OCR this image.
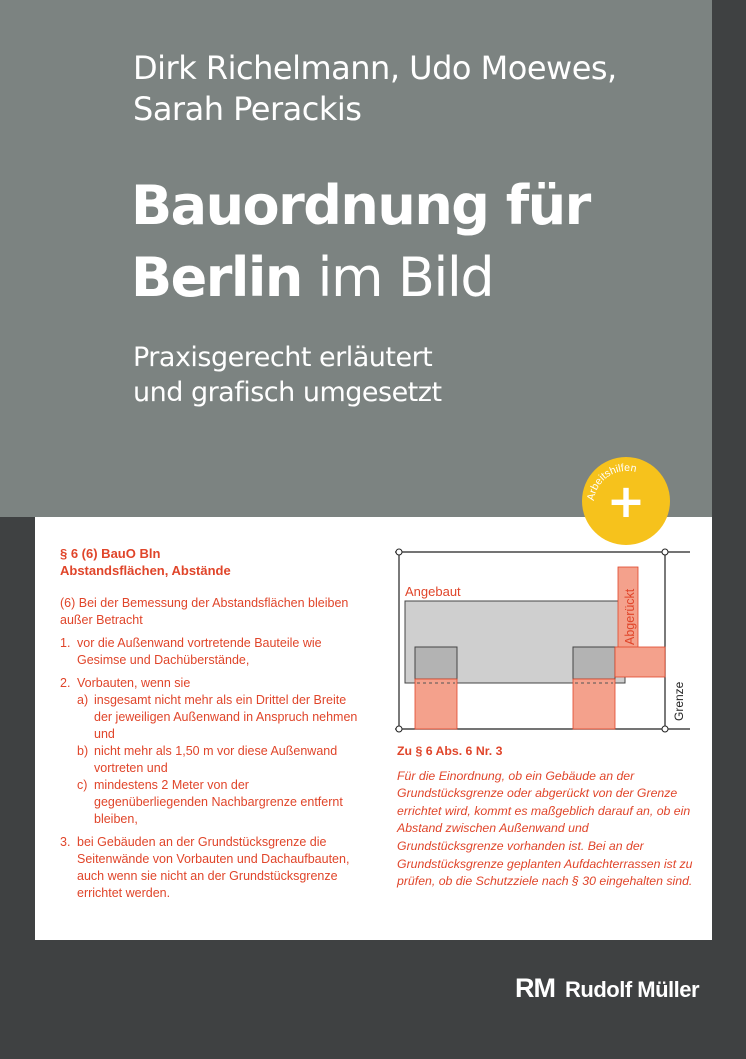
Dirk Richelmann, Udo Moewes,
Sarah Perackis
Bauordnung für
Berlin im Bild
Praxisgerecht erläutert
und grafisch umgesetzt
§ 6 (6) BauO Bln
Abstandsflächen, Abstände
(6) Bei der Bemessung der Abstandsflächen bleiben außer Betracht
1. vor die Außenwand vortretende Bauteile wie Gesimse und Dachüberstände,
2. Vorbauten, wenn sie
a) insgesamt nicht mehr als ein Drittel der Breite der jeweiligen Außenwand in Anspruch nehmen und
b) nicht mehr als 1,50 m vor diese Außenwand vortreten und
c) mindestens 2 Meter von der gegenüberliegenden Nachbargrenze entfernt bleiben,
3. bei Gebäuden an der Grundstücksgrenze die Seitenwände von Vorbauten und Dachaufbauten, auch wenn sie nicht an der Grundstücksgrenze errichtet werden.
Abgerückt
Angebaut
Grenze
Zu § 6 Abs. 6 Nr. 3
Für die Einordnung, ob ein Gebäude an der Grundstücksgrenze oder abgerückt von der Grenze errichtet wird, kommt es maßgeblich darauf an, ob ein Abstand zwischen Außenwand und Grundstücksgrenze vorhanden ist. Bei an der Grundstücksgrenze geplanten Aufdachterrassen ist zu prüfen, ob die Schutzziele nach § 30 eingehalten sind.
Arbeitshilfen
+
RM Rudolf Müller
